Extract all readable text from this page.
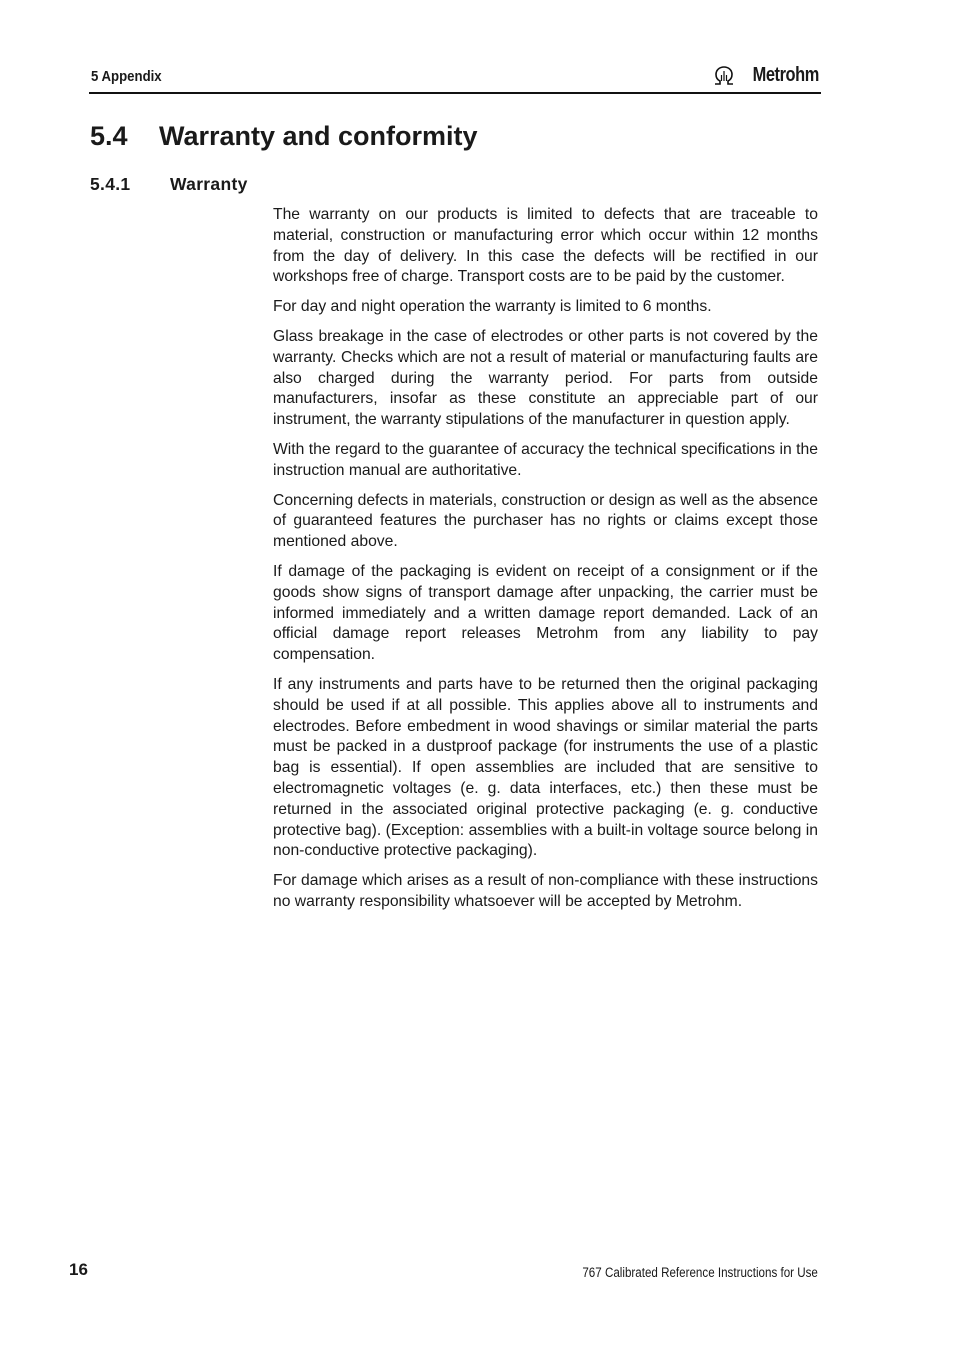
5 Appendix	Metrohm
5.4	Warranty and conformity
5.4.1	Warranty

The warranty on our products is limited to defects that are traceable to material, construction or manufacturing error which occur within 12 months from the day of delivery. In this case the defects will be rectified in our workshops free of charge. Transport costs are to be paid by the customer.

For day and night operation the warranty is limited to 6 months.

Glass breakage in the case of electrodes or other parts is not covered by the warranty. Checks which are not a result of material or manufacturing faults are also charged during the warranty period. For parts from outside manufacturers, insofar as these constitute an appreciable part of our instrument, the warranty stipulations of the manufacturer in question apply.

With the regard to the guarantee of accuracy the technical specifications in the instruction manual are authoritative.

Concerning defects in materials, construction or design as well as the absence of guaranteed features the purchaser has no rights or claims except those mentioned above.

If damage of the packaging is evident on receipt of a consignment or if the goods show signs of transport damage after unpacking, the carrier must be informed immediately and a written damage report demanded. Lack of an official damage report releases Metrohm from any liability to pay compensation.

If any instruments and parts have to be returned then the original packaging should be used if at all possible. This applies above all to instruments and electrodes. Before embedment in wood shavings or similar material the parts must be packed in a dustproof package (for instruments the use of a plastic bag is essential). If open assemblies are included that are sensitive to electromagnetic voltages (e. g. data interfaces, etc.) then these must be returned in the associated original protective packaging (e. g. conductive protective bag). (Exception: assemblies with a built-in voltage source belong in non-conductive protective packaging).

For damage which arises as a result of non-compliance with these instructions no warranty responsibility whatsoever will be accepted by Metrohm.

16	767 Calibrated Reference Instructions for Use
